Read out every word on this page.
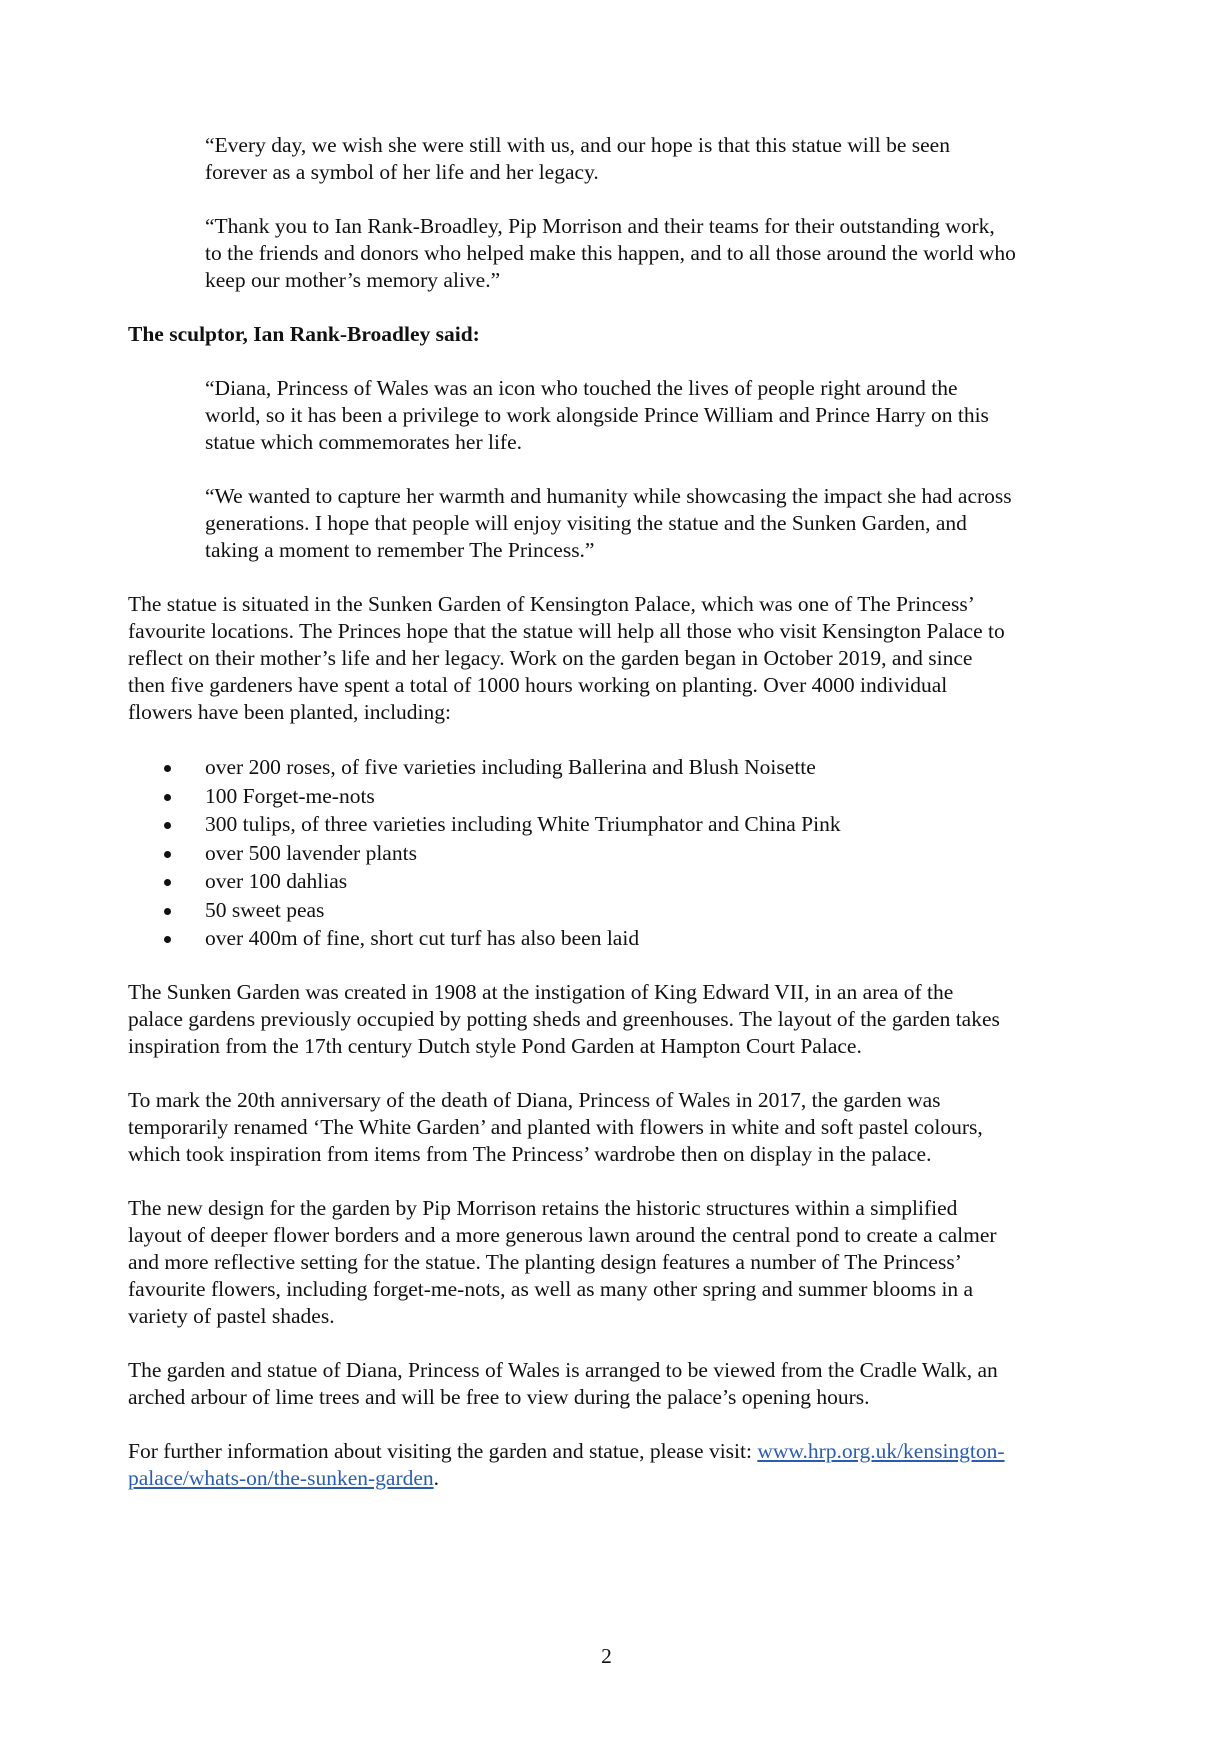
“Every day, we wish she were still with us, and our hope is that this statue will be seen
forever as a symbol of her life and her legacy.
“Thank you to Ian Rank-Broadley, Pip Morrison and their teams for their outstanding work,
to the friends and donors who helped make this happen, and to all those around the world who
keep our mother’s memory alive.”
The sculptor, Ian Rank-Broadley said:
“Diana, Princess of Wales was an icon who touched the lives of people right around the
world, so it has been a privilege to work alongside Prince William and Prince Harry on this
statue which commemorates her life.
“We wanted to capture her warmth and humanity while showcasing the impact she had across
generations. I hope that people will enjoy visiting the statue and the Sunken Garden, and
taking a moment to remember The Princess.”
The statue is situated in the Sunken Garden of Kensington Palace, which was one of The Princess’
favourite locations. The Princes hope that the statue will help all those who visit Kensington Palace to
reflect on their mother’s life and her legacy. Work on the garden began in October 2019, and since
then five gardeners have spent a total of 1000 hours working on planting. Over 4000 individual
flowers have been planted, including:
over 200 roses, of five varieties including Ballerina and Blush Noisette
100 Forget-me-nots
300 tulips, of three varieties including White Triumphator and China Pink
over 500 lavender plants
over 100 dahlias
50 sweet peas
over 400m of fine, short cut turf has also been laid
The Sunken Garden was created in 1908 at the instigation of King Edward VII, in an area of the
palace gardens previously occupied by potting sheds and greenhouses. The layout of the garden takes
inspiration from the 17th century Dutch style Pond Garden at Hampton Court Palace.
To mark the 20th anniversary of the death of Diana, Princess of Wales in 2017, the garden was
temporarily renamed ‘The White Garden’ and planted with flowers in white and soft pastel colours,
which took inspiration from items from The Princess’ wardrobe then on display in the palace.
The new design for the garden by Pip Morrison retains the historic structures within a simplified
layout of deeper flower borders and a more generous lawn around the central pond to create a calmer
and more reflective setting for the statue. The planting design features a number of The Princess’
favourite flowers, including forget-me-nots, as well as many other spring and summer blooms in a
variety of pastel shades.
The garden and statue of Diana, Princess of Wales is arranged to be viewed from the Cradle Walk, an
arched arbour of lime trees and will be free to view during the palace’s opening hours.
For further information about visiting the garden and statue, please visit: www.hrp.org.uk/kensington-
palace/whats-on/the-sunken-garden.
2
